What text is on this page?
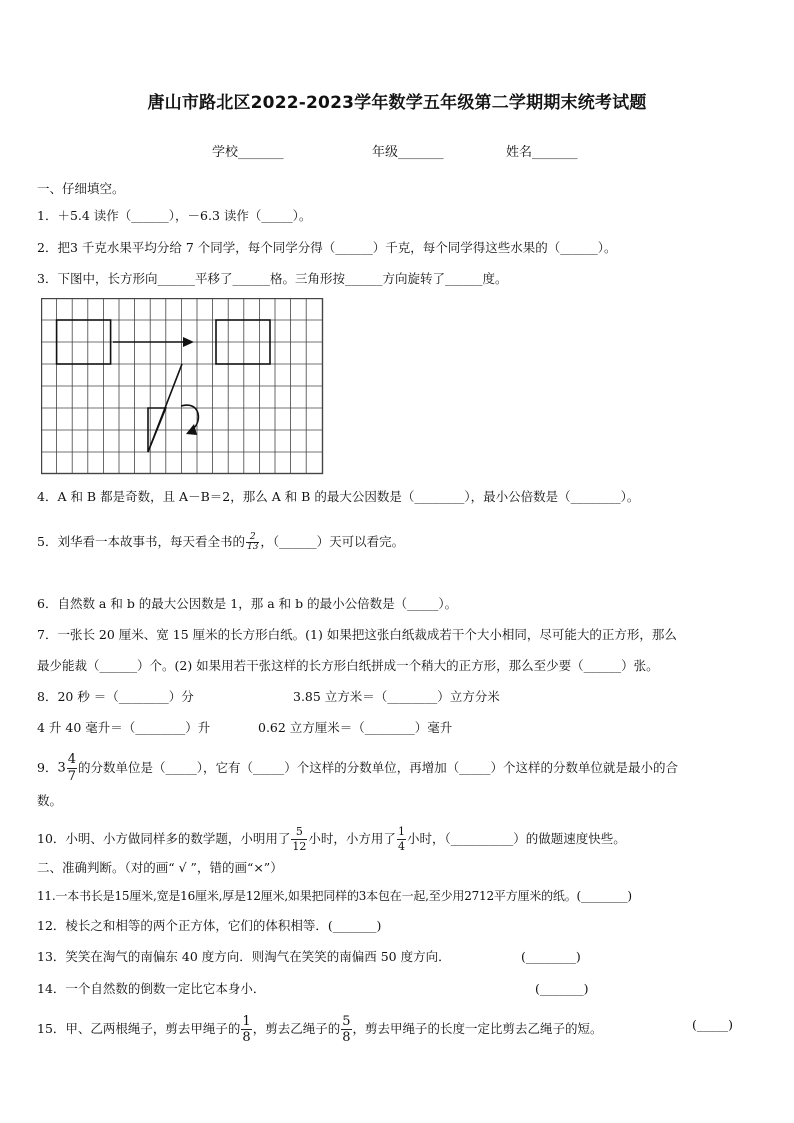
唐山市路北区2022-2023学年数学五年级第二学期期末统考试题
学校_______	年级_______	姓名_______
一、仔细填空。
1．＋5.4 读作（______），－6.3 读作（_____）。
2．把3 千克水果平均分给 7 个同学，每个同学分得（______）千克，每个同学得这些水果的（______）。
3．下图中，长方形向______平移了______格。三角形按______方向旋转了______度。
4．A 和 B 都是奇数，且 A－B＝2，那么 A 和 B 的最大公因数是（________），最小公倍数是（________）。
5．刘华看一本故事书，每天看全书的 $\frac{2}{13}$ ，（______）天可以看完。
6．自然数 a 和 b 的最大公因数是 1，那 a 和 b 的最小公倍数是（_____）。
7．一张长 20 厘米、宽 15 厘米的长方形白纸。(1) 如果把这张白纸裁成若干个大小相同，尽可能大的正方形，那么
最少能裁（______）个。(2) 如果用若干张这样的长方形白纸拼成一个稍大的正方形，那么至少要（______）张。
8．20 秒 ＝（________）分	3.85 立方米＝（________）立方分米
4 升 40 毫升＝（________）升	0.62 立方厘米＝（________）毫升
9．$3 \frac{4}{7}$ 的分数单位是（_____），它有（_____）个这样的分数单位，再增加（_____）个这样的分数单位就是最小的合
数。
10．小明、小方做同样多的数学题，小明用了 $\frac{5}{12}$ 小时，小方用了 $\frac{1}{4}$ 小时，（__________）的做题速度快些。
二、准确判断。（对的画“ √ ”，错的画“×”）
11.一本书长是15厘米,宽是16厘米,厚是12厘米,如果把同样的3本包在一起,至少用2712平方厘米的纸。(________)
12．棱长之和相等的两个正方体，它们的体积相等．(_______)
13．笑笑在淘气的南偏东 40 度方向．则淘气在笑笑的南偏西 50 度方向．	(________)
14．一个自然数的倒数一定比它本身小．	(_______)
15．甲、乙两根绳子，剪去甲绳子的 $\frac{1}{8}$ ，剪去乙绳子的 $\frac{5}{8}$ ，剪去甲绳子的长度一定比剪去乙绳子的短。	(_____)
